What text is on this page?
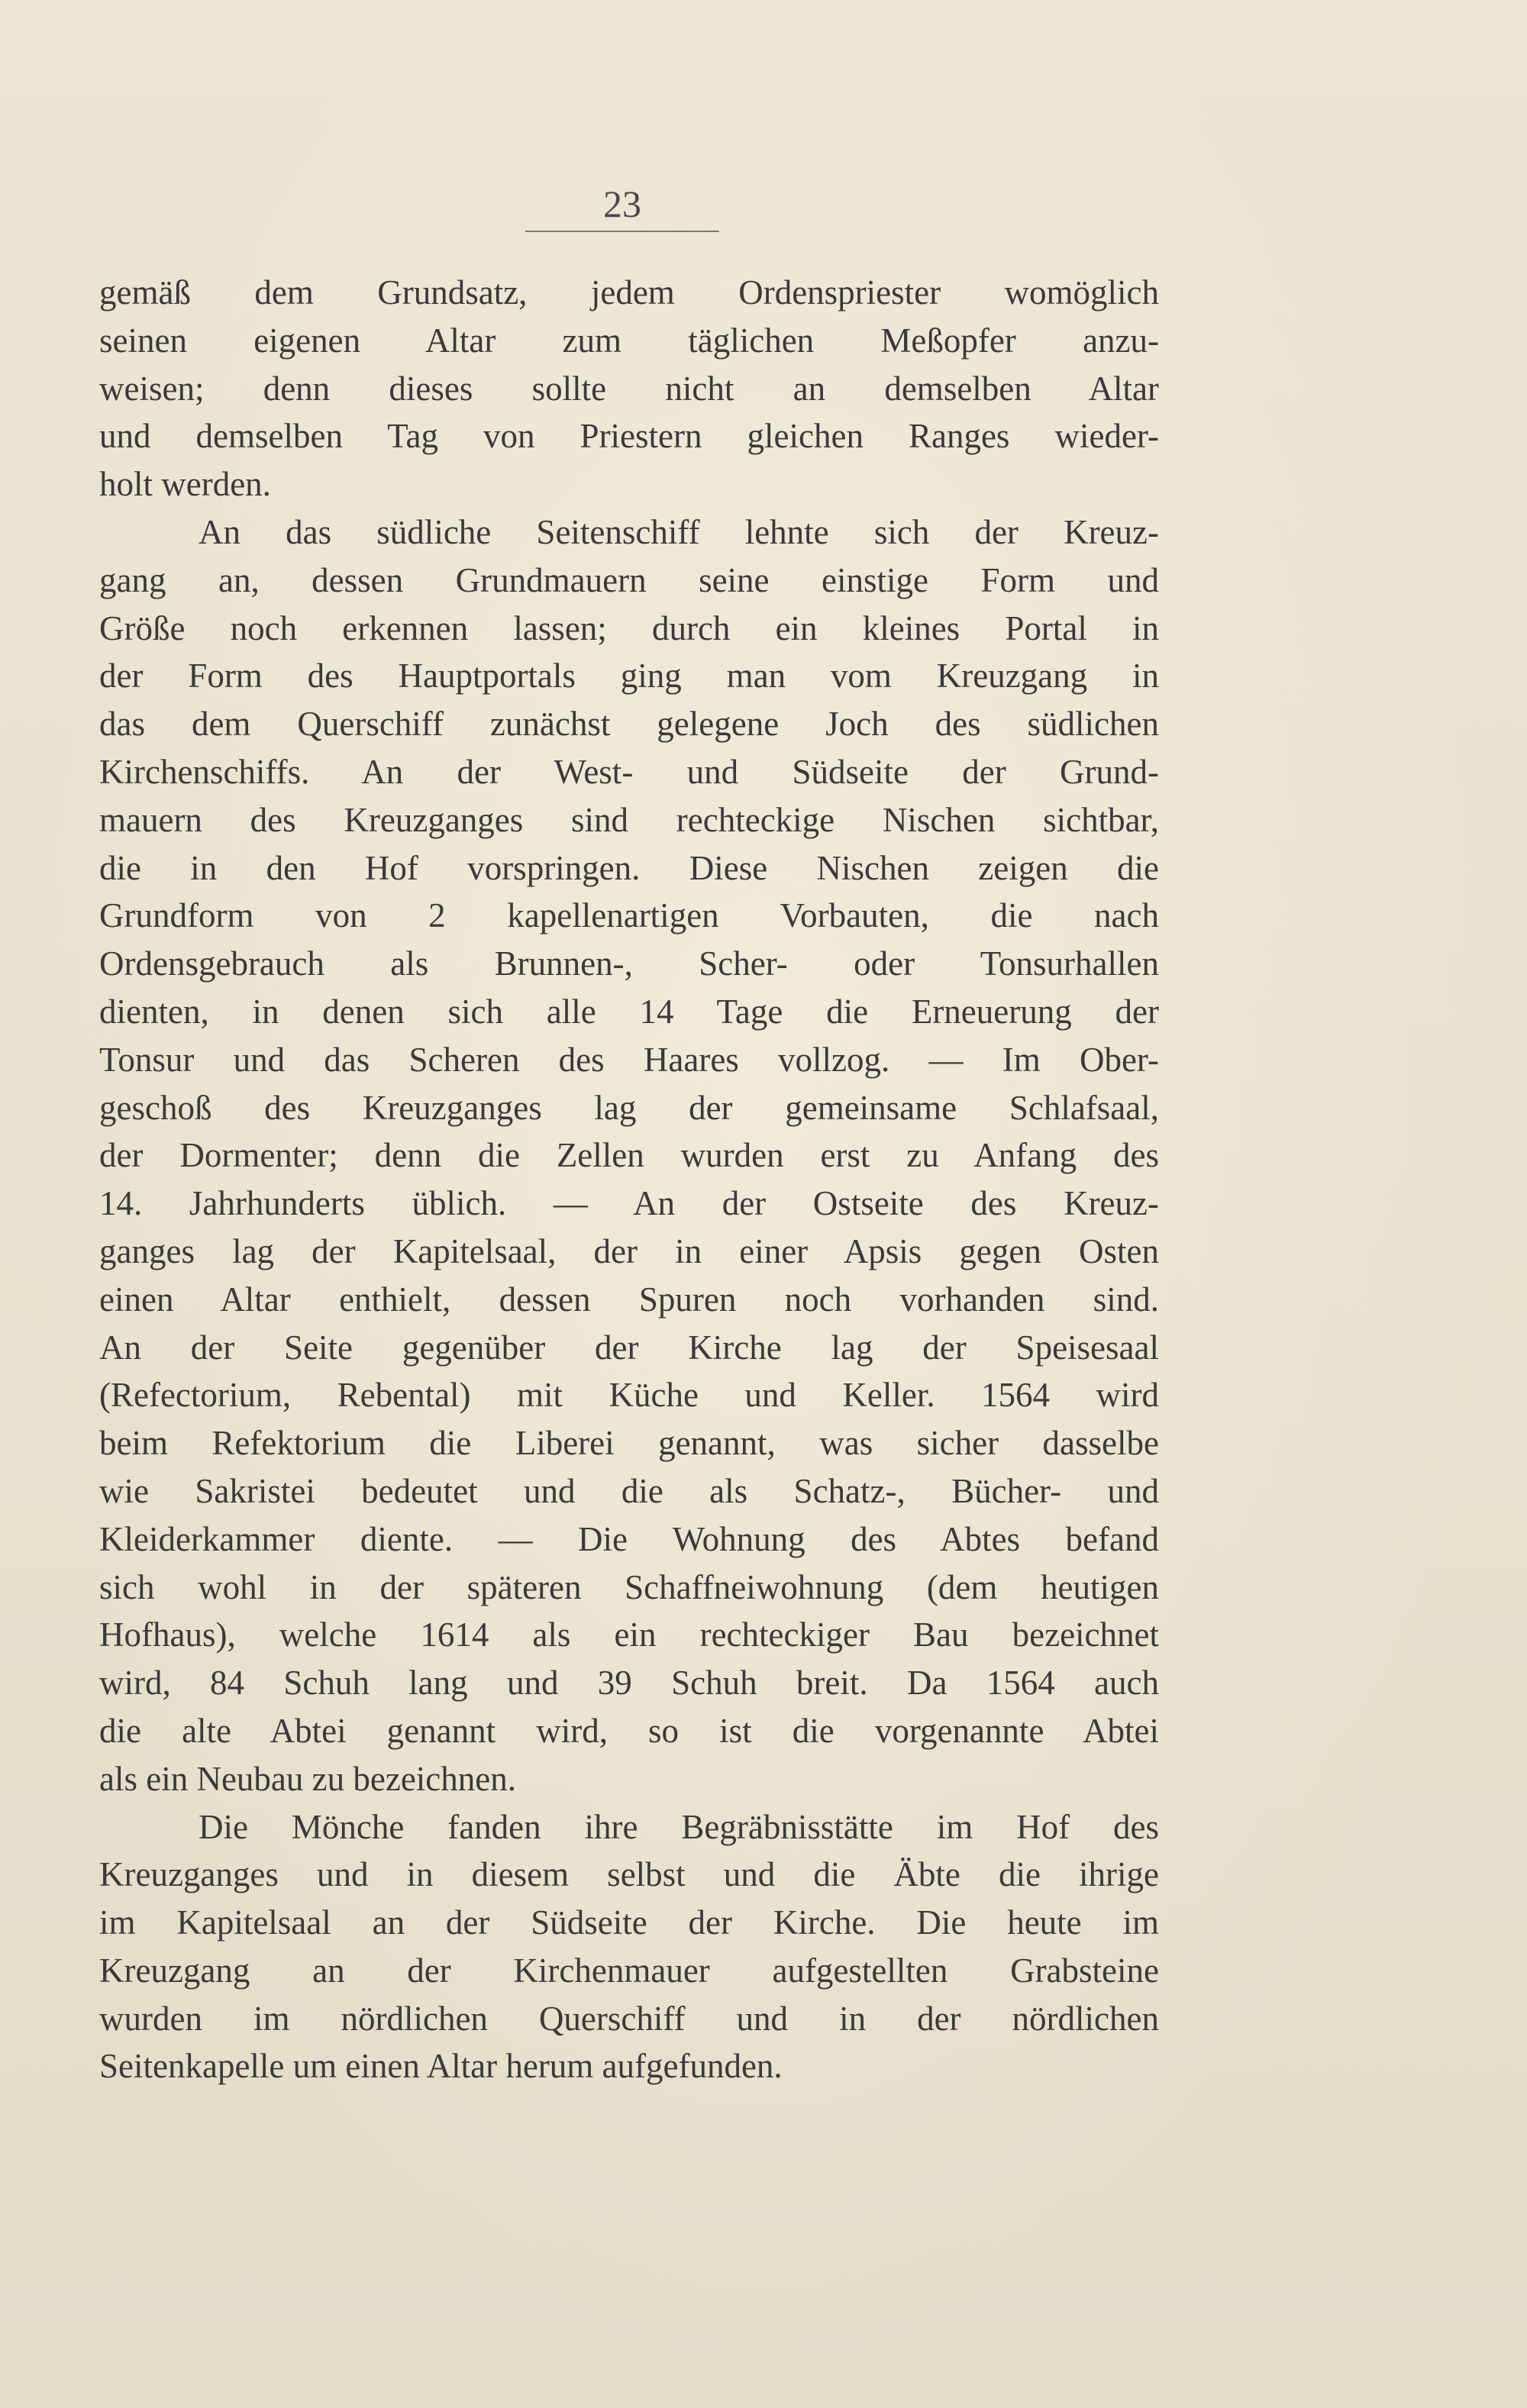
23
gemäß dem Grundsatz, jedem Ordenspriester womöglich
seinen eigenen Altar zum täglichen Meßopfer anzu-
weisen; denn dieses sollte nicht an demselben Altar
und demselben Tag von Priestern gleichen Ranges wieder-
holt werden.
An das südliche Seitenschiff lehnte sich der Kreuz-
gang an, dessen Grundmauern seine einstige Form und
Größe noch erkennen lassen; durch ein kleines Portal in
der Form des Hauptportals ging man vom Kreuzgang in
das dem Querschiff zunächst gelegene Joch des südlichen
Kirchenschiffs. An der West- und Südseite der Grund-
mauern des Kreuzganges sind rechteckige Nischen sichtbar,
die in den Hof vorspringen. Diese Nischen zeigen die
Grundform von 2 kapellenartigen Vorbauten, die nach
Ordensgebrauch als Brunnen-, Scher- oder Tonsurhallen
dienten, in denen sich alle 14 Tage die Erneuerung der
Tonsur und das Scheren des Haares vollzog. — Im Ober-
geschoß des Kreuzganges lag der gemeinsame Schlafsaal,
der Dormenter; denn die Zellen wurden erst zu Anfang des
14. Jahrhunderts üblich. — An der Ostseite des Kreuz-
ganges lag der Kapitelsaal, der in einer Apsis gegen Osten
einen Altar enthielt, dessen Spuren noch vorhanden sind.
An der Seite gegenüber der Kirche lag der Speisesaal
(Refectorium, Rebental) mit Küche und Keller. 1564 wird
beim Refektorium die Liberei genannt, was sicher dasselbe
wie Sakristei bedeutet und die als Schatz-, Bücher- und
Kleiderkammer diente. — Die Wohnung des Abtes befand
sich wohl in der späteren Schaffneiwohnung (dem heutigen
Hofhaus), welche 1614 als ein rechteckiger Bau bezeichnet
wird, 84 Schuh lang und 39 Schuh breit. Da 1564 auch
die alte Abtei genannt wird, so ist die vorgenannte Abtei
als ein Neubau zu bezeichnen.
Die Mönche fanden ihre Begräbnisstätte im Hof des
Kreuzganges und in diesem selbst und die Äbte die ihrige
im Kapitelsaal an der Südseite der Kirche. Die heute im
Kreuzgang an der Kirchenmauer aufgestellten Grabsteine
wurden im nördlichen Querschiff und in der nördlichen
Seitenkapelle um einen Altar herum aufgefunden.
